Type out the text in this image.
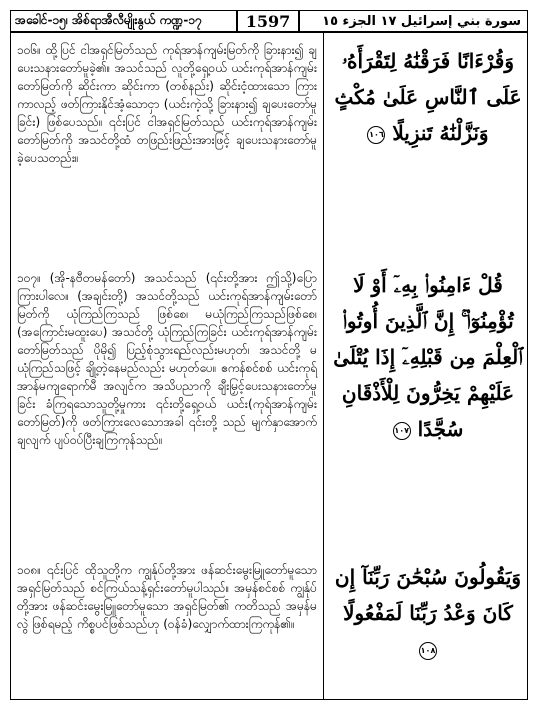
အခေါင်-၁၅၊ အိစ်ရာအီလီမျိုးနွယ် ကဏ္ဍ-၁၇	1597	سورة بني إسرائيل ١٧ الجزء ١٥
၁၀၆။ ထို့ပြင် ငါအရှင်မြတ်သည် ကုရ်အာန်ကျမ်းမြတ်ကို ခြားနား၍ ချပေးသနားတော်မူခဲ့၏။ အသင်သည် လူတို့ရှေ့ဝယ် ယင်းကုရ်အာန်ကျမ်းတော်မြတ်ကို ဆိုင်းကာ ဆိုင်းကာ (တစ်နည်း) ဆိုင်းငံ့ထားသော ကြားကာလည့် ဖတ်ကြားနိုင်အံ့သောငှာ (ယင်းကဲ့သို့ ခြားနား၍ ချပေးတော်မူခြင်း) ဖြစ်ပေသည်။ ၎င်းပြင် ငါအရှင်မြတ်သည် ယင်းကုရ်အာန်ကျမ်းတော်မြတ်ကို အသင်တို့ထံ တဖြည်းဖြည်းအားဖြင့် ချပေးသနားတော်မူခဲ့ပေသတည်း။
وَقُرْءَانًا فَرَقْنَٰهُ لِتَقْرَأَهُۥ عَلَى ٱلنَّاسِ عَلَىٰ مُكْثٍ وَنَزَّلْنَٰهُ تَنزِيلًا ١٠٦
၁၀၇။ (အို-နဗီတမန်တော်) အသင်သည် (၎င်းတို့အား ဤသို့)ပြောကြားပါလေ။ (အချင်းတို့) အသင်တို့သည် ယင်းကုရ်အာန်ကျမ်းတော်မြတ်ကို ယုံကြည်ကြသည် ဖြစ်စေ၊ မယုံကြည်ကြသည်ဖြစ်စေ၊ (အကြောင်းမထူးပေ) အသင်တို့ ယုံကြည်ကြခြင်း ယင်းကုရ်အာန်ကျမ်းတော်မြတ်သည် ပိုမို၍ ပြည့်စုံသွားရည်လည်းမဟုတ်၊ အသင်တို့ မယုံကြည်သဖြင့် ချို့တဲ့နေမည်လည်း မဟုတ်ပေ။ ဧကန်စင်စစ် ယင်းကုရ်အာန်မကျရောက်မီ အလျင်က အသိပညာကို ချီးမြှင့်ပေးသနားတော်မူခြင်း ခံကြရသောသူတို့မှုကား ၎င်းတို့ရှေ့ဝယ် ယင်း(ကုရ်အာန်ကျမ်းတော်မြတ်)ကို ဖတ်ကြားလေသောအခါ ၎င်းတို့ သည် မျက်နှာအောက်ချလျက် ပျပ်ဝပ်ပြီးချကြကုန်သည်။
قُلْ ءَامِنُوا۟ بِهِۦٓ أَوْ لَا تُؤْمِنُوٓا۟ ۚ إِنَّ ٱلَّذِينَ أُوتُوا۟ ٱلْعِلْمَ مِن قَبْلِهِۦٓ إِذَا يُتْلَىٰ عَلَيْهِمْ يَخِرُّونَ لِلْأَذْقَانِ سُجَّدًا ١٠٧
၁၀၈။ ၎င်းပြင် ထိုသူတို့က ကျွန်ုပ်တို့အား ဖန်ဆင်းမွေးမြူတော်မူသော အရှင်မြတ်သည် စင်ကြယ်သန့်ရှင်းတော်မူပါသည်။ အမှန်စင်စစ် ကျွန်ုပ်တို့အား ဖန်ဆင်းမွေးမြူတော်မူသော အရှင်မြတ်၏ ကတိသည် အမှန်မလွဲ ဖြစ်ရမည့် ကိစ္စပင်ဖြစ်သည်ဟု (ဝန်ခံ)လျှောက်ထားကြကုန်၏။
وَيَقُولُونَ سُبْحَٰنَ رَبِّنَآ إِن كَانَ وَعْدُ رَبِّنَا لَمَفْعُولًا ١٠٨
